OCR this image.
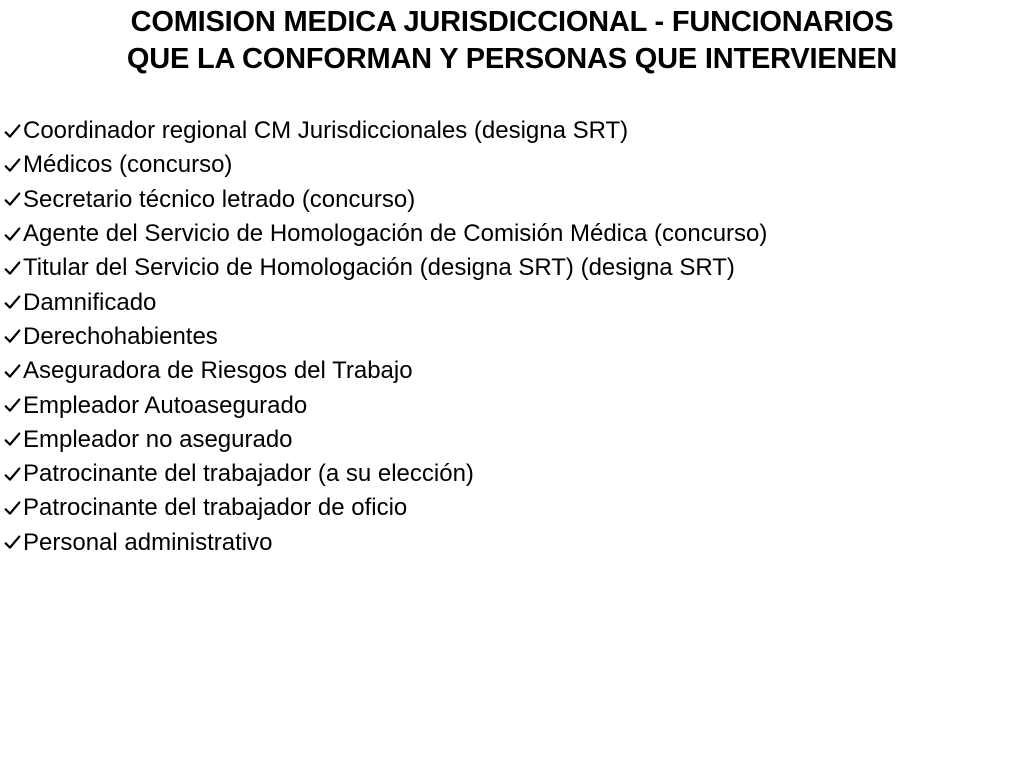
COMISION MEDICA JURISDICCIONAL - FUNCIONARIOS
QUE LA CONFORMAN Y PERSONAS QUE INTERVIENEN
Coordinador regional CM Jurisdiccionales (designa SRT)
Médicos (concurso)
Secretario técnico letrado (concurso)
Agente del Servicio de Homologación de Comisión Médica (concurso)
Titular del Servicio de Homologación (designa SRT) (designa SRT)
Damnificado
Derechohabientes
Aseguradora de Riesgos del Trabajo
Empleador Autoasegurado
Empleador no asegurado
Patrocinante del trabajador (a su elección)
Patrocinante del trabajador de oficio
Personal administrativo
